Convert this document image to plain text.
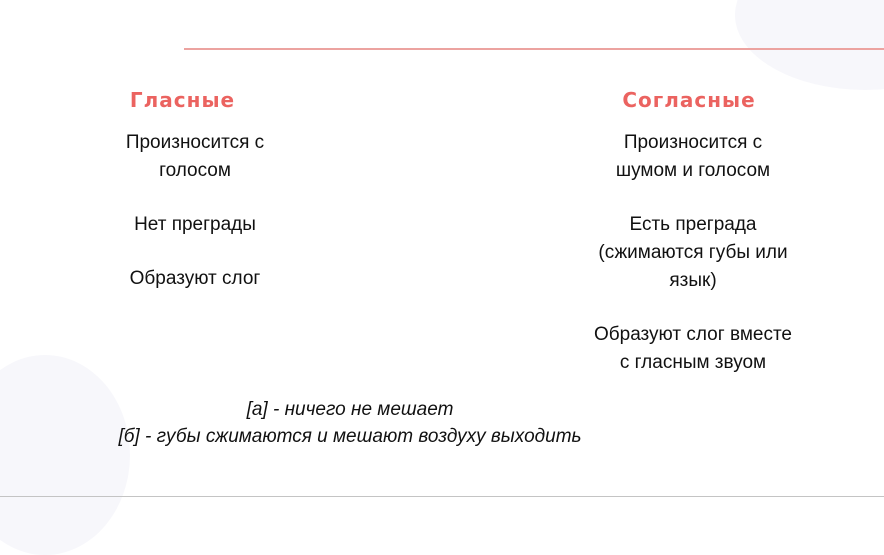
Гласные
Произносится с
голосом
Нет преграды
Образуют слог
Согласные
Произносится с
шумом и голосом
Есть преграда
(сжимаются губы или
язык)
Образуют слог вместе
с гласным звуом
[а] - ничего не мешает
[б] - губы сжимаются и мешают воздуху выходить
